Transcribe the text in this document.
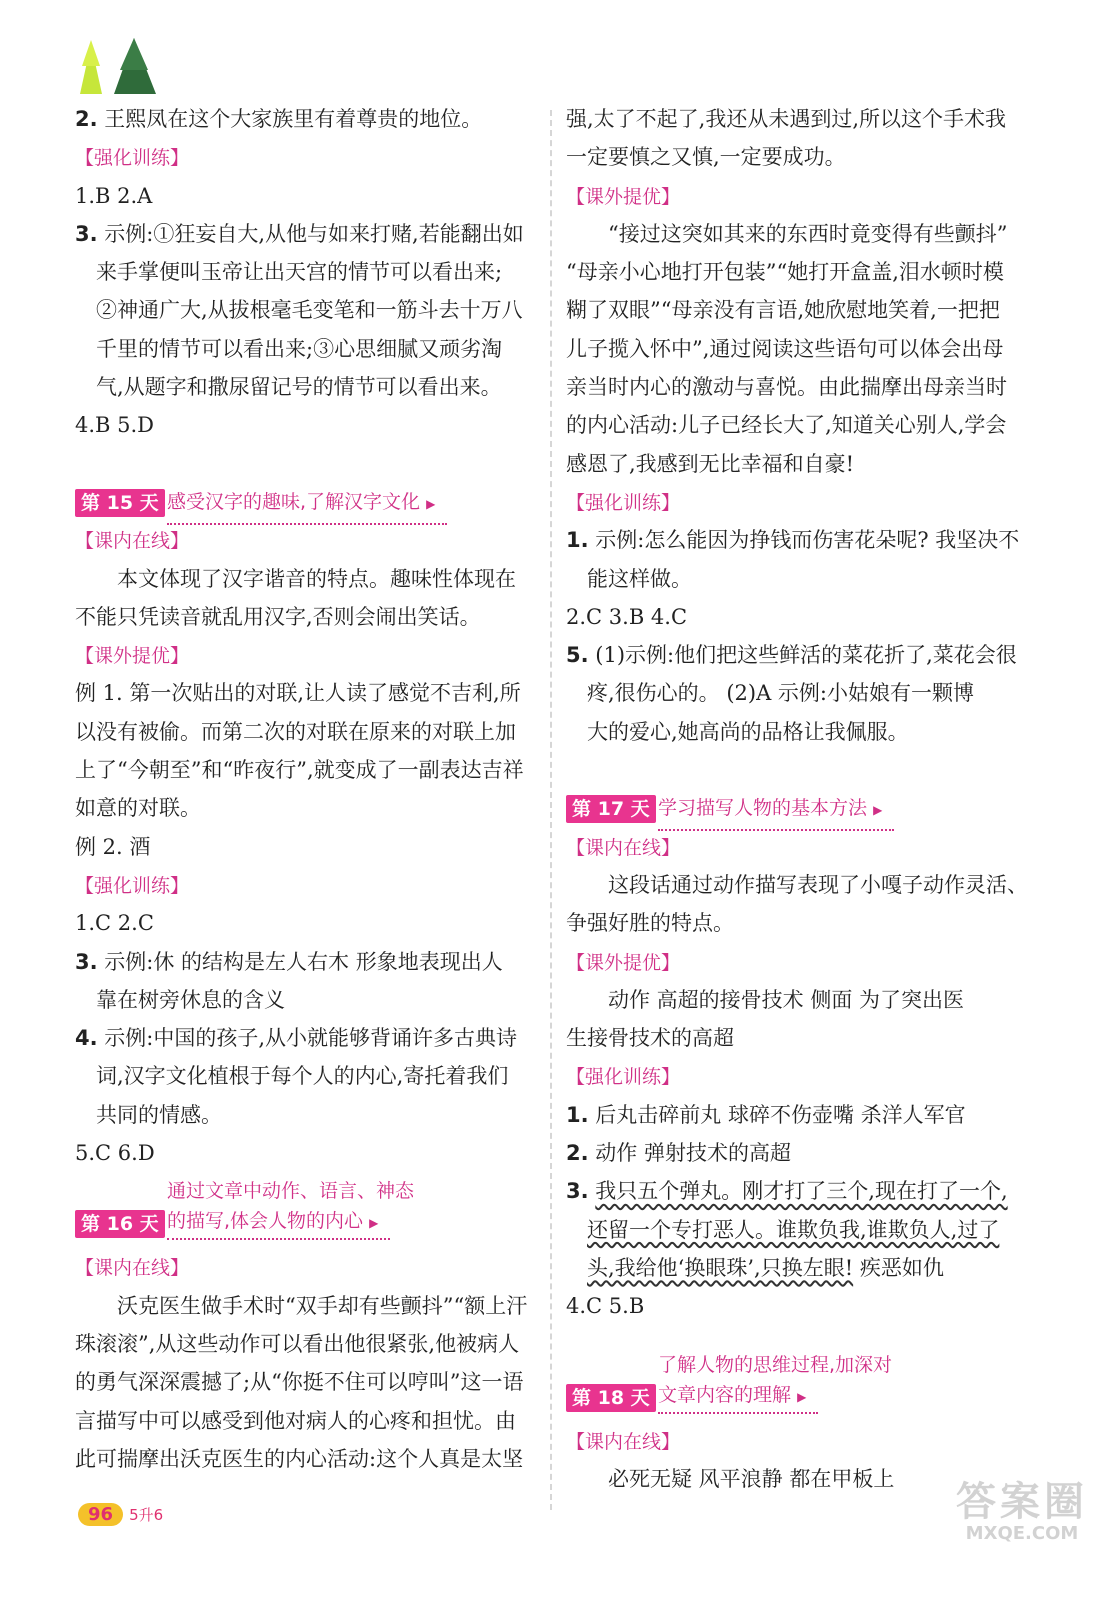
2. 王熙凤在这个大家族里有着尊贵的地位。
【强化训练】
1.B 2.A
3. 示例:①狂妄自大,从他与如来打赌,若能翻出如
来手掌便叫玉帝让出天宫的情节可以看出来;
②神通广大,从拔根毫毛变笔和一筋斗去十万八
千里的情节可以看出来;③心思细腻又顽劣淘
气,从题字和撒尿留记号的情节可以看出来。
4.B 5.D
第 15 天 感受汉字的趣味,了解汉字文化 ▶
【课内在线】
本文体现了汉字谐音的特点。趣味性体现在
不能只凭读音就乱用汉字,否则会闹出笑话。
【课外提优】
例 1. 第一次贴出的对联,让人读了感觉不吉利,所
以没有被偷。而第二次的对联在原来的对联上加
上了“今朝至”和“昨夜行”,就变成了一副表达吉祥
如意的对联。
例 2. 酒
【强化训练】
1.C 2.C
3. 示例:休 的结构是左人右木 形象地表现出人
靠在树旁休息的含义
4. 示例:中国的孩子,从小就能够背诵许多古典诗
词,汉字文化植根于每个人的内心,寄托着我们
共同的情感。
5.C 6.D
通过文章中动作、语言、神态
第 16 天 的描写,体会人物的内心 ▶
【课内在线】
沃克医生做手术时“双手却有些颤抖”“额上汗
珠滚滚”,从这些动作可以看出他很紧张,他被病人
的勇气深深震撼了;从“你挺不住可以哼叫”这一语
言描写中可以感受到他对病人的心疼和担忧。由
此可揣摩出沃克医生的内心活动:这个人真是太坚
强,太了不起了,我还从未遇到过,所以这个手术我
一定要慎之又慎,一定要成功。
【课外提优】
“接过这突如其来的东西时竟变得有些颤抖”
“母亲小心地打开包装”“她打开盒盖,泪水顿时模
糊了双眼”“母亲没有言语,她欣慰地笑着,一把把
儿子揽入怀中”,通过阅读这些语句可以体会出母
亲当时内心的激动与喜悦。由此揣摩出母亲当时
的内心活动:儿子已经长大了,知道关心别人,学会
感恩了,我感到无比幸福和自豪!
【强化训练】
1. 示例:怎么能因为挣钱而伤害花朵呢? 我坚决不
能这样做。
2.C 3.B 4.C
5. (1)示例:他们把这些鲜活的菜花折了,菜花会很
疼,很伤心的。 (2)A 示例:小姑娘有一颗博
大的爱心,她高尚的品格让我佩服。
第 17 天 学习描写人物的基本方法 ▶
【课内在线】
这段话通过动作描写表现了小嘎子动作灵活、
争强好胜的特点。
【课外提优】
动作 高超的接骨技术 侧面 为了突出医
生接骨技术的高超
【强化训练】
1. 后丸击碎前丸 球碎不伤壶嘴 杀洋人军官
2. 动作 弹射技术的高超
3. 我只五个弹丸。刚才打了三个,现在打了一个,
还留一个专打恶人。谁欺负我,谁欺负人,过了
头,我给他‘换眼珠’,只换左眼! 疾恶如仇
4.C 5.B
了解人物的思维过程,加深对
第 18 天 文章内容的理解 ▶
【课内在线】
必死无疑 风平浪静 都在甲板上
96	5升6	答案圈
MXQE.COM
